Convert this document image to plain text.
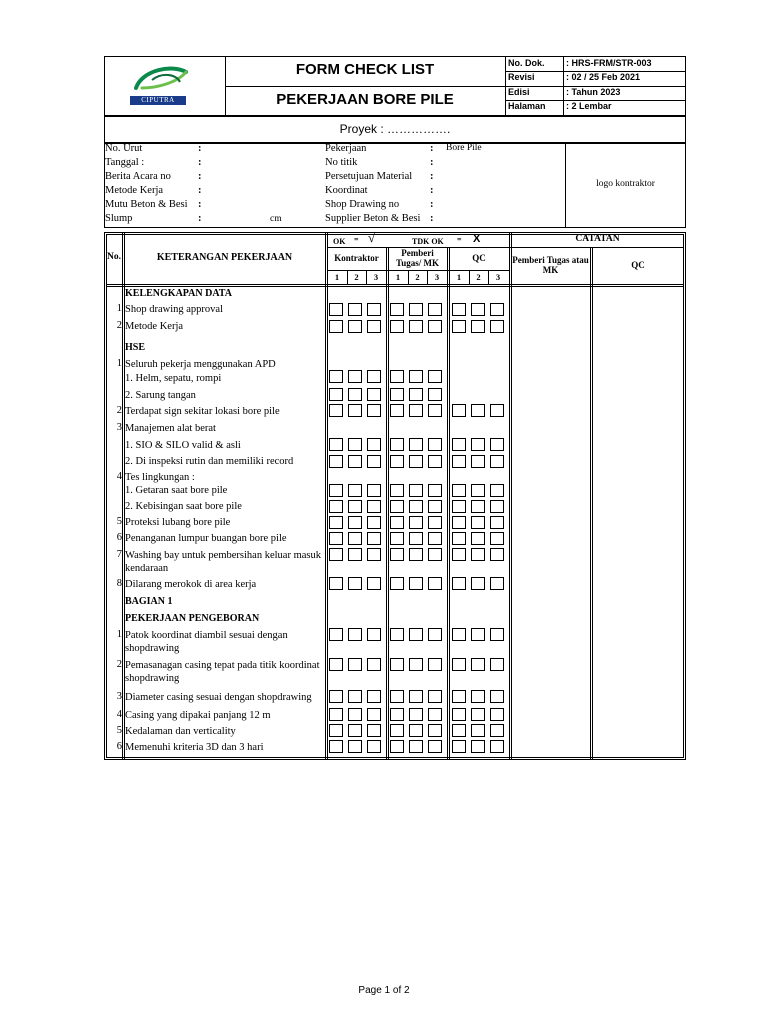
CIPUTRA
FORM CHECK LIST
PEKERJAAN BORE PILE
No. Dok. : HRS-FRM/STR-003
Revisi	: 02 / 25 Feb 2021
Edisi	: Tahun 2023
Halaman : 2 Lembar
Proyek : …………….
No. Urut	:
Tanggal :	:
Berita Acara no	:
Metode Kerja	:
Mutu Beton & Besi :
Slump	:	cm
Pekerjaan	: Bore Pile
No titik	:
Persetujuan Material :
Koordinat	:
Shop Drawing no	:
Supplier Beton & Besi :
logo kontraktor
No.	KETERANGAN PEKERJAAN
OK = √	TDK OK = X
Kontraktor	Pemberi Tugas/ MK	QC
CATATAN
Pemberi Tugas atau MK	QC
1	2	3	1	2	3	1	2	3
KELENGKAPAN DATA
1 Shop drawing approval
2 Metode Kerja
HSE
1 Seluruh pekerja menggunakan APD
1. Helm, sepatu, rompi
2. Sarung tangan
2 Terdapat sign sekitar lokasi bore pile
3 Manajemen alat berat
1. SIO & SILO valid & asli
2. Di inspeksi rutin dan memiliki record
4 Tes lingkungan :
1. Getaran saat bore pile
2. Kebisingan saat bore pile
5 Proteksi lubang bore pile
6 Penanganan lumpur buangan bore pile
7 Washing bay untuk pembersihan keluar masuk kendaraan
8 Dilarang merokok di area kerja
BAGIAN 1
PEKERJAAN PENGEBORAN
1 Patok koordinat diambil sesuai dengan shopdrawing
2 Pemasanagan casing tepat pada titik koordinat shopdrawing
3 Diameter casing sesuai dengan shopdrawing
4 Casing yang dipakai panjang 12 m
5 Kedalaman dan verticality
6 Memenuhi kriteria 3D dan 3 hari
Page 1 of 2
